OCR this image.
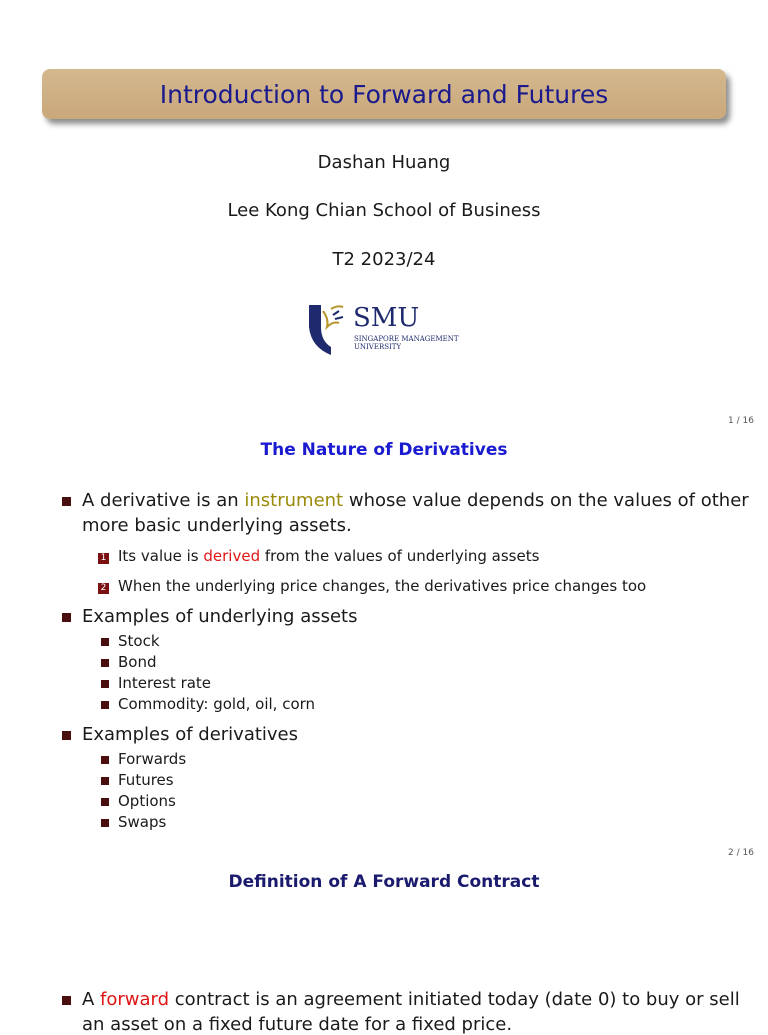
Introduction to Forward and Futures
Dashan Huang
Lee Kong Chian School of Business
T2 2023/24
SMU
SINGAPORE MANAGEMENT
UNIVERSITY
1 / 16
The Nature of Derivatives
A derivative is an instrument whose value depends on the values of other
more basic underlying assets.
1 Its value is derived from the values of underlying assets
2 When the underlying price changes, the derivatives price changes too
Examples of underlying assets
Stock
Bond
Interest rate
Commodity: gold, oil, corn
Examples of derivatives
Forwards
Futures
Options
Swaps
2 / 16
Definition of A Forward Contract
A forward contract is an agreement initiated today (date 0) to buy or sell
an asset on a fixed future date for a fixed price.
